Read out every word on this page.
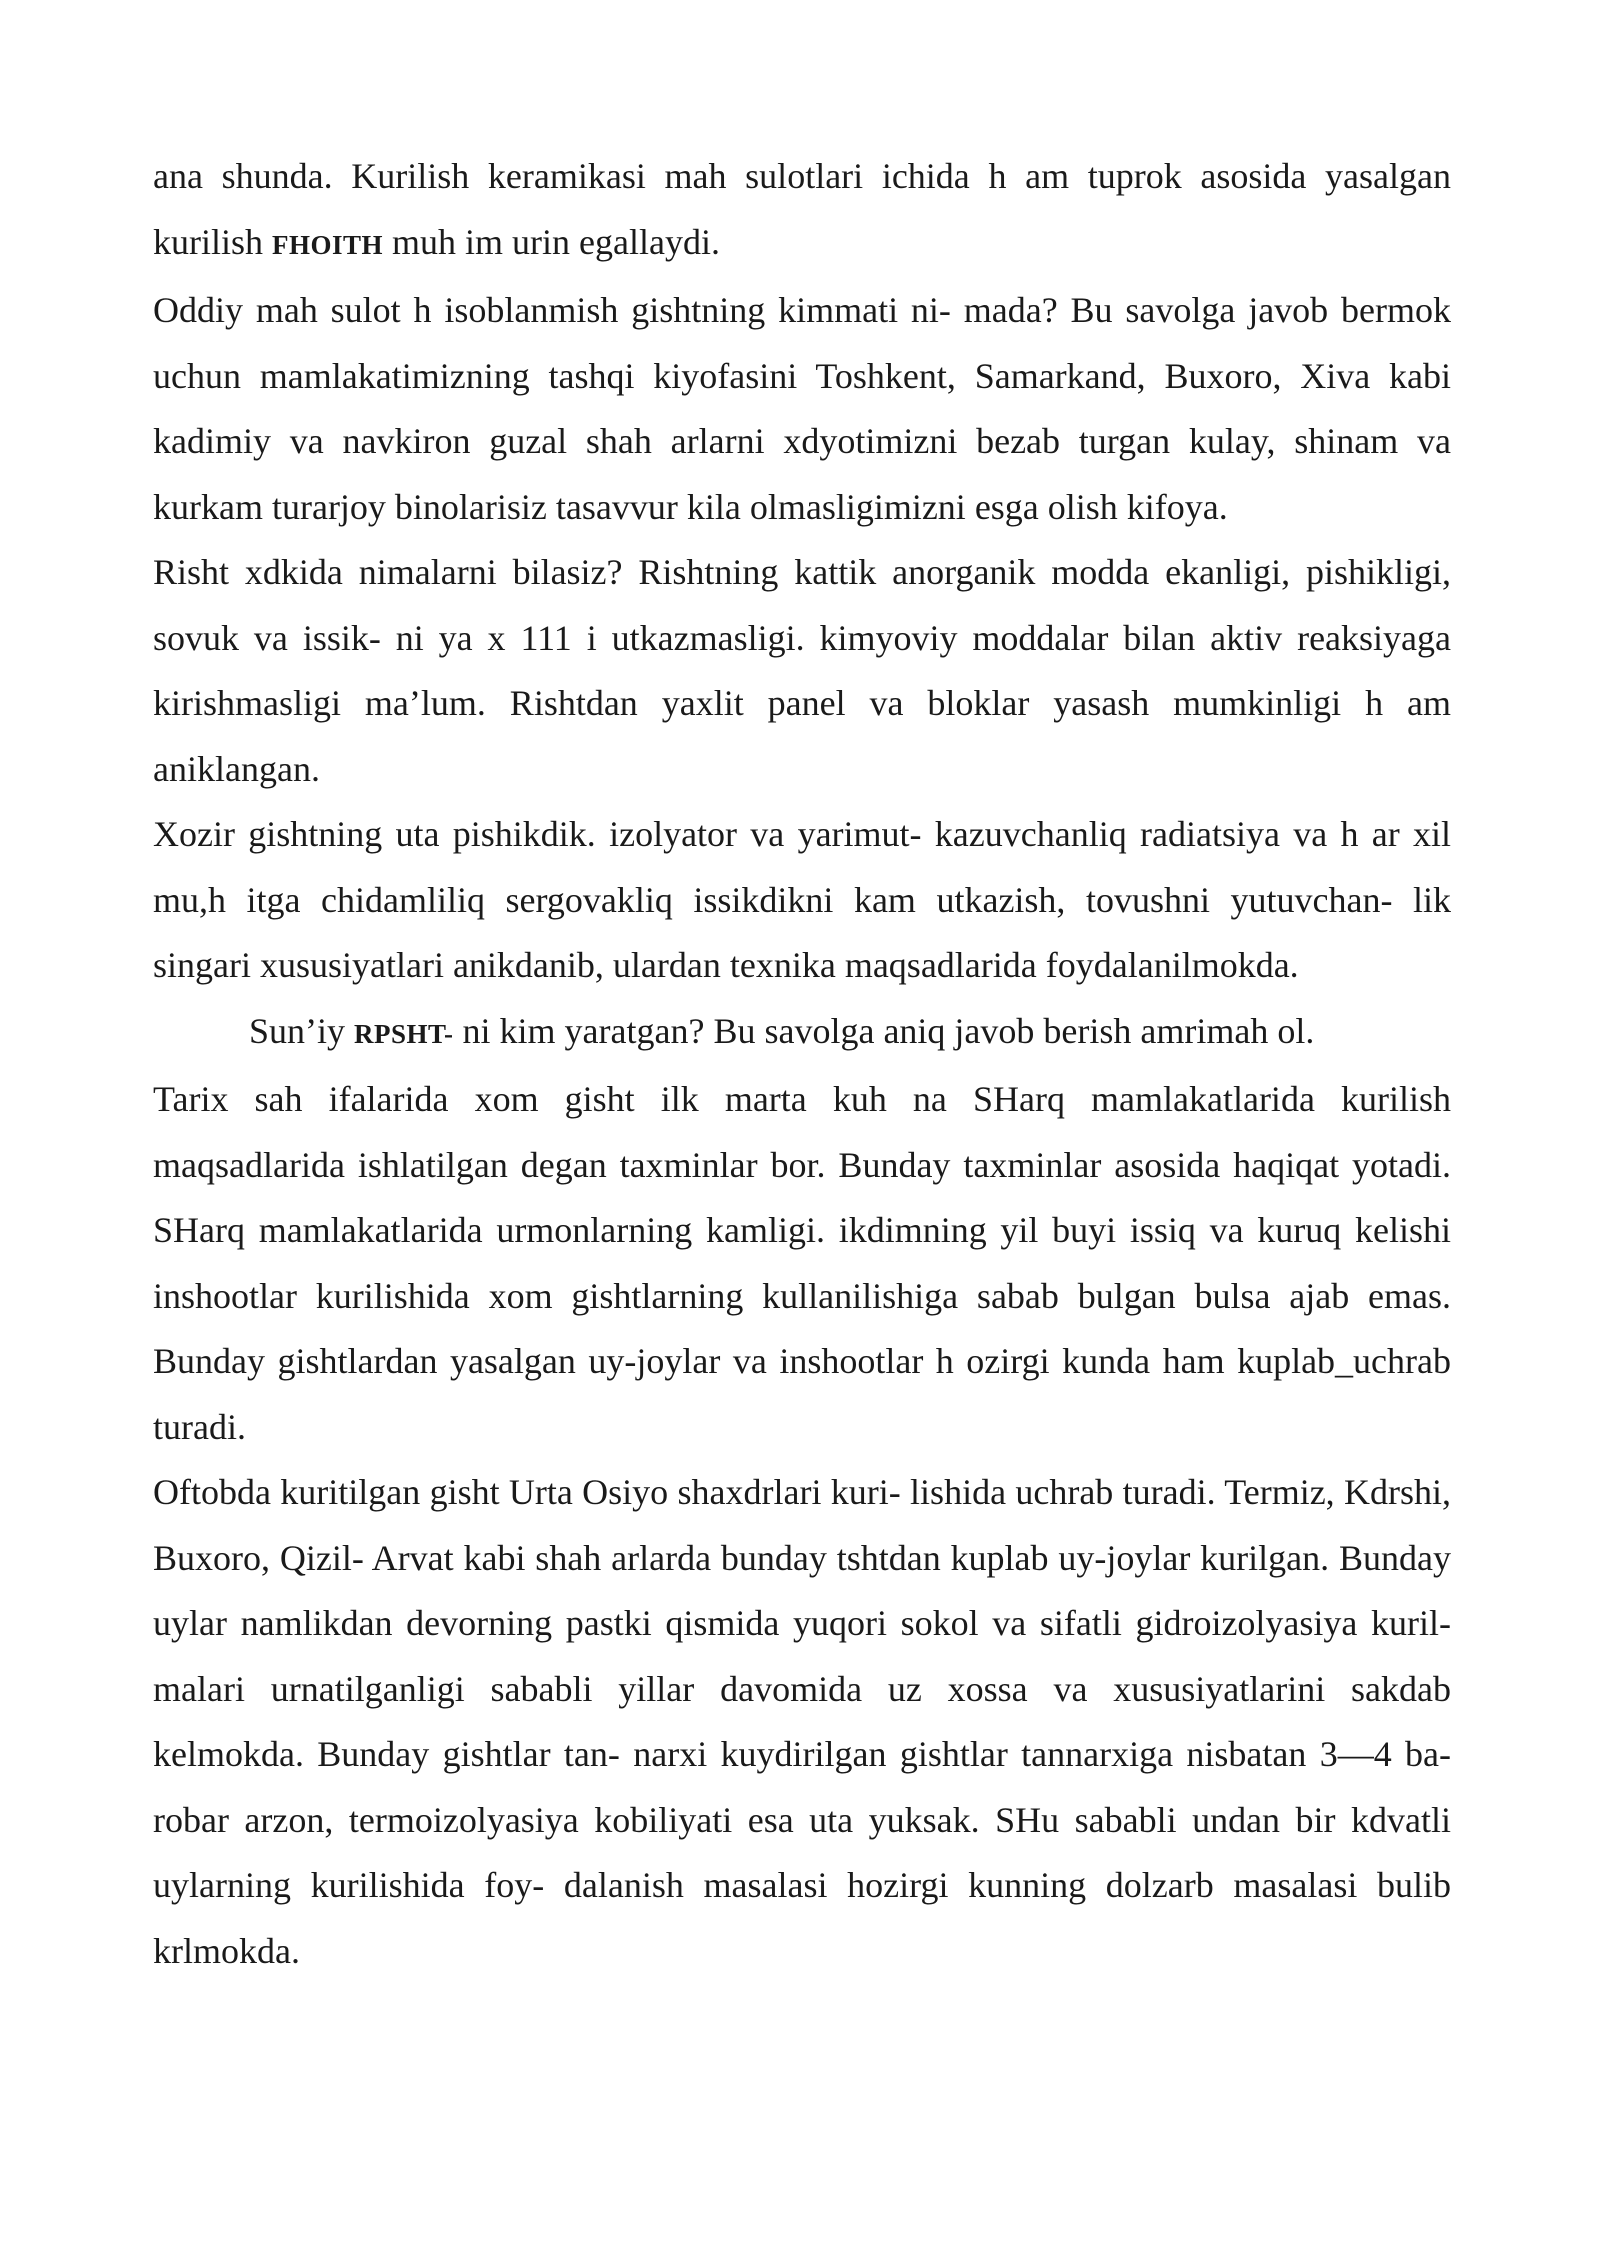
ana shunda. Kurilish keramikasi mah sulotlari ichida h am tuprok asosida yasalgan kurilish FHOITH muh im urin egallaydi.

Oddiy mah sulot h isoblanmish gishtning kimmati ni- mada? Bu savolga javob bermok uchun mamlakatimizning tashqi kiyofasini Toshkent, Samarkand, Buxoro, Xiva kabi kadimiy va navkiron guzal shah arlarni xdyotimizni bezab turgan kulay, shinam va kurkam turarjoy binolarisiz tasavvur kila olmasligimizni esga olish kifoya.

Risht xdkida nimalarni bilasiz? Rishtning kattik anorganik modda ekanligi, pishikligi, sovuk va issik- ni ya x 111 i utkazmasligi. kimyoviy moddalar bilan aktiv reaksiyaga kirishmasligi ma’lum. Rishtdan yaxlit panel va bloklar yasash mumkinligi h am aniklangan.

Xozir gishtning uta pishikdik. izolyator va yarimut- kazuvchanliq radiatsiya va h ar xil mu,h itga chidamliliq sergovakliq issikdikni kam utkazish, tovushni yutuvchan- lik singari xususiyatlari anikdanib, ulardan texnika maqsadlarida foydalanilmokda.

Sun’iy RPSHT- ni kim yaratgan? Bu savolga aniq javob berish amrimah ol.

Tarix sah ifalarida xom gisht ilk marta kuh na SHarq mamlakatlarida kurilish maqsadlarida ishlatilgan degan taxminlar bor. Bunday taxminlar asosida haqiqat yotadi. SHarq mamlakatlarida urmonlarning kamligi. ikdimning yil buyi issiq va kuruq kelishi inshootlar kurilishida xom gishtlarning kullanilishiga sabab bulgan bulsa ajab emas. Bunday gishtlardan yasalgan uy-joylar va inshootlar h ozirgi kunda ham kuplab_uchrab turadi.

Oftobda kuritilgan gisht Urta Osiyo shaxdrlari kuri- lishida uchrab turadi. Termiz, Kdrshi, Buxoro, Qizil- Arvat kabi shah arlarda bunday tshtdan kuplab uy-joylar kurilgan. Bunday uylar namlikdan devorning pastki qismida yuqori sokol va sifatli gidroizolyasiya kuril- malari urnatilganligi sababli yillar davomida uz xossa va xususiyatlarini sakdab kelmokda. Bunday gishtlar tan- narxi kuydirilgan gishtlar tannarxiga nisbatan 3—4 ba- robar arzon, termoizolyasiya kobiliyati esa uta yuksak. SHu sababli undan bir kdvatli uylarning kurilishida foy- dalanish masalasi hozirgi kunning dolzarb masalasi bulib krlmokda.
